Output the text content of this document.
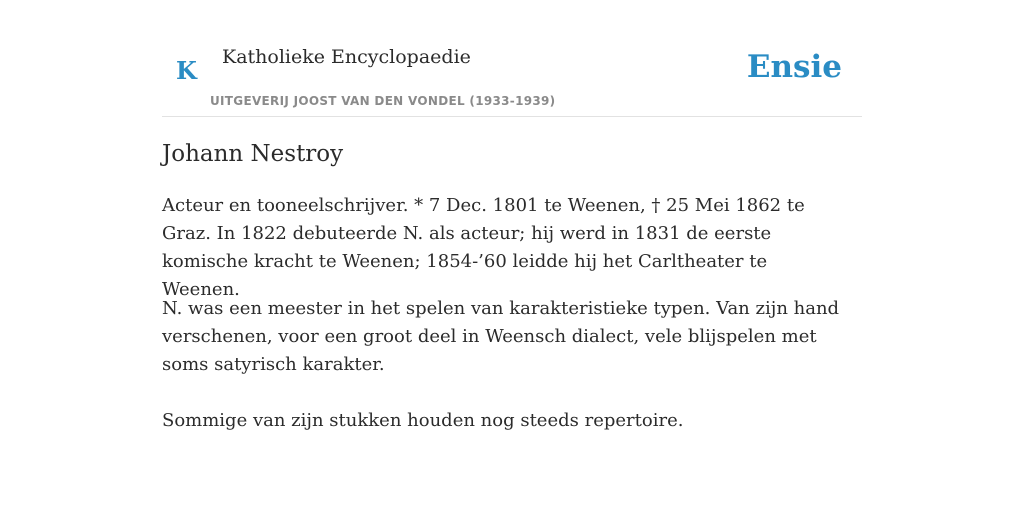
K Katholieke Encyclopaedie
UITGEVERIJ JOOST VAN DEN VONDEL (1933-1939)
Ensie
Johann Nestroy

Acteur en tooneelschrijver. * 7 Dec. 1801 te Weenen, † 25 Mei 1862 te Graz. In 1822 debuteerde N. als acteur; hij werd in 1831 de eerste komische kracht te Weenen; 1854-’60 leidde hij het Carltheater te Weenen.

N. was een meester in het spelen van karakteristieke typen. Van zijn hand verschenen, voor een groot deel in Weensch dialect, vele blijspelen met soms satyrisch karakter.

Sommige van zijn stukken houden nog steeds repertoire.
